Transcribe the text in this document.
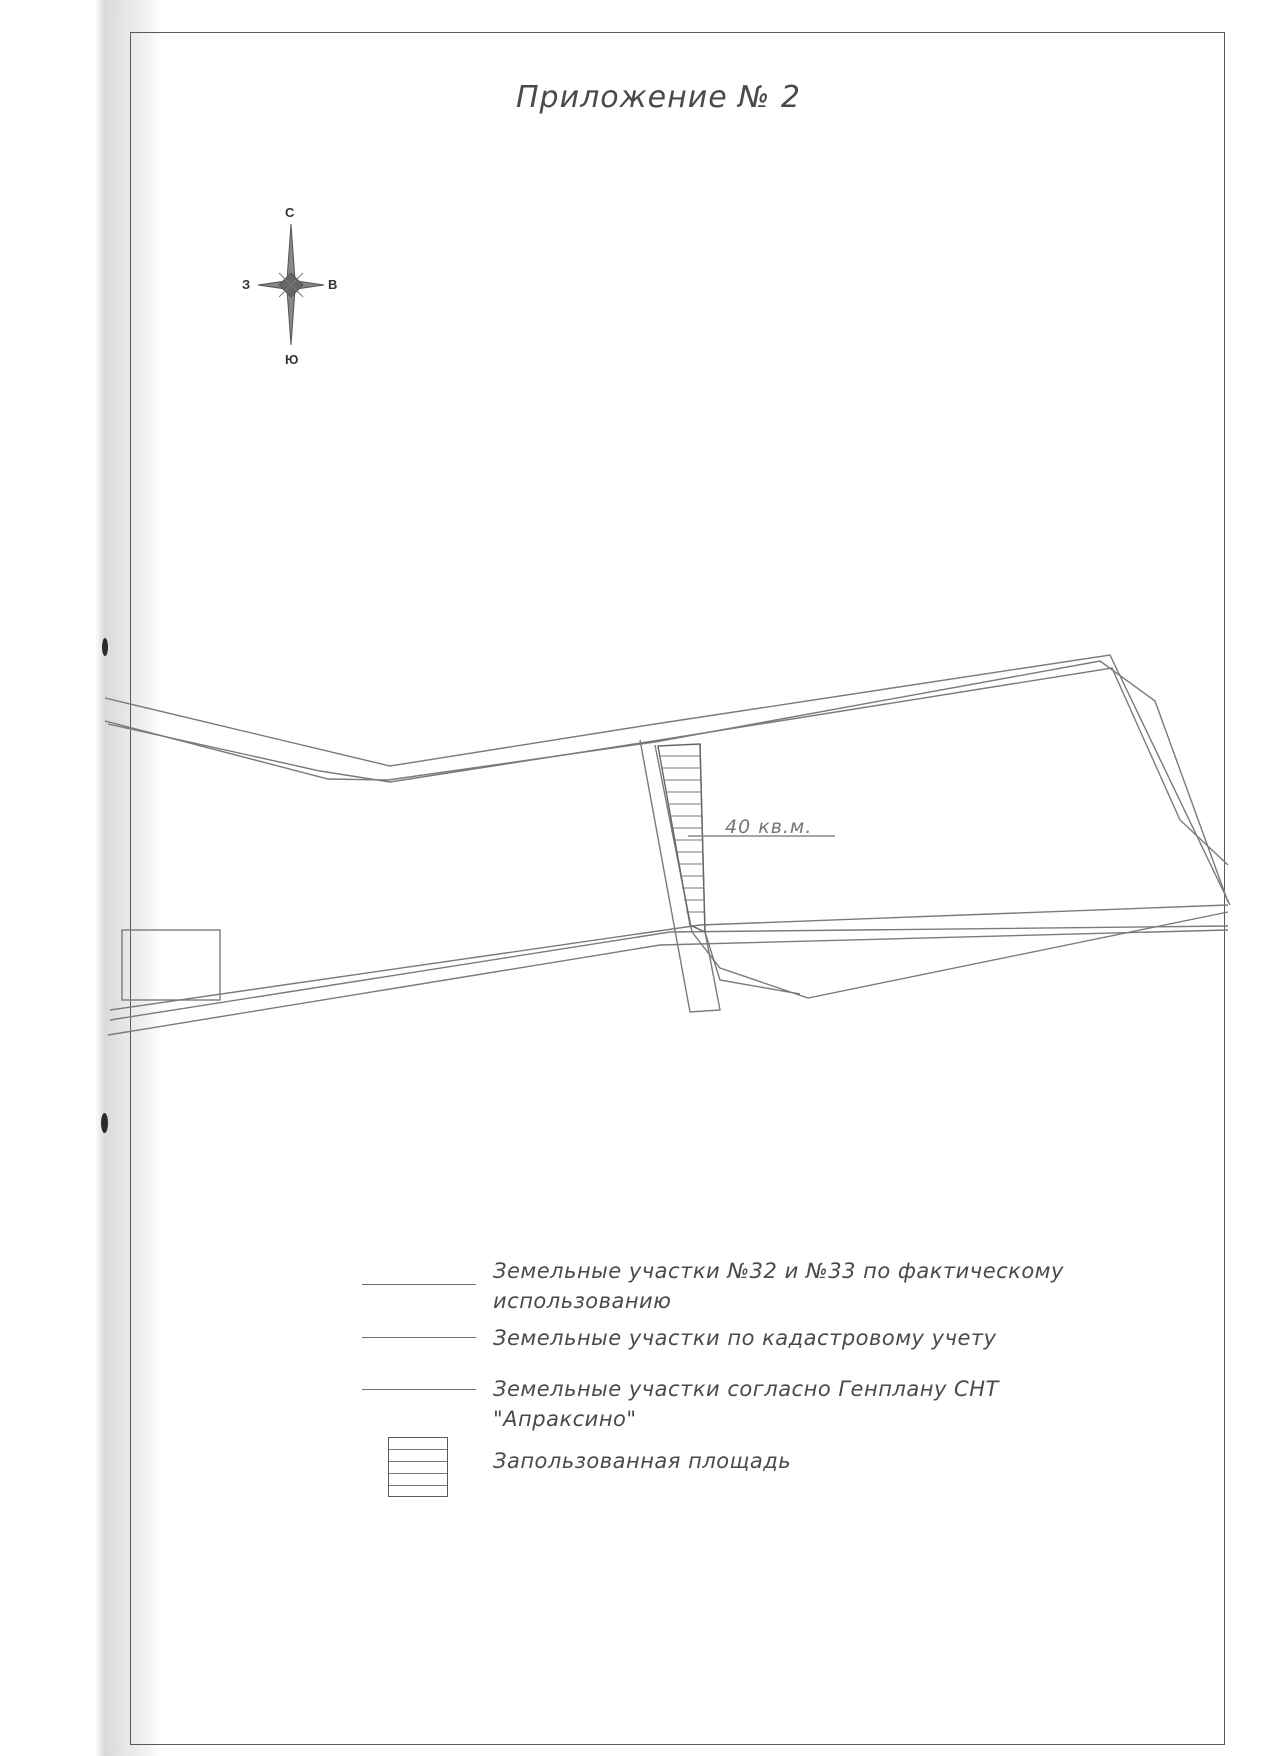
Приложение № 2
С
Ю
З	В
40 кв.м.
Земельные участки №32 и №33 по фактическому
использованию
Земельные участки по кадастровому учету
Земельные участки согласно Генплану СНТ
"Апраксино"
Запользованная площадь
